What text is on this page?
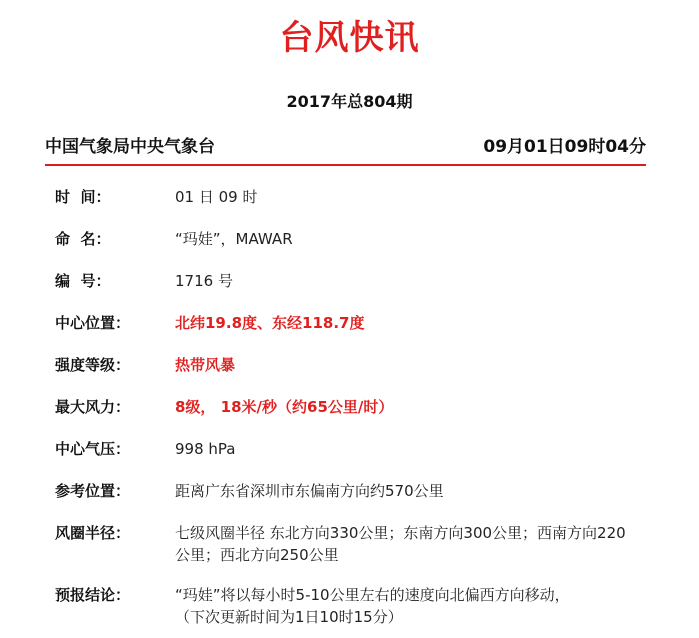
台风快讯
2017年总804期
中国气象局中央气象台	09月01日09时04分
时  间：	01 日 09 时
命  名：	“玛娃”，MAWAR
编  号：	1716 号
中心位置：	北纬19.8度、东经118.7度
强度等级：	热带风暴
最大风力：	8级， 18米/秒（约65公里/时）
中心气压：	998 hPa
参考位置：	距离广东省深圳市东偏南方向约570公里
风圈半径：	七级风圈半径 东北方向330公里；东南方向300公里；西南方向220公里；西北方向250公里
预报结论：	“玛娃”将以每小时5-10公里左右的速度向北偏西方向移动，
（下次更新时间为1日10时15分）
